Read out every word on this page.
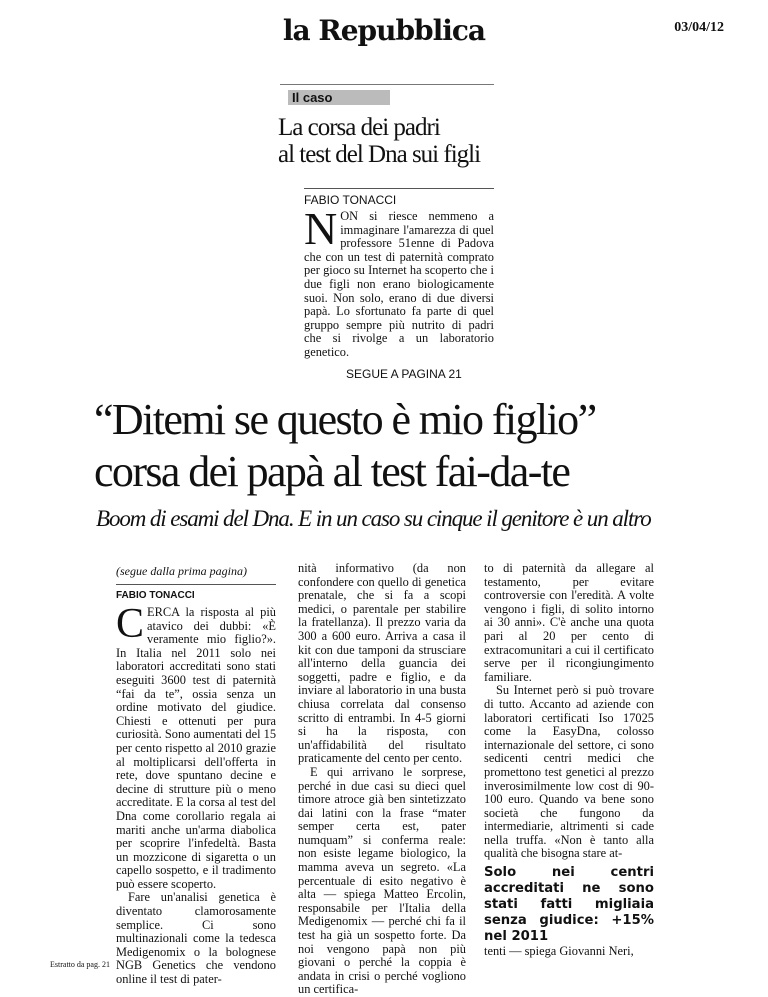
la Repubblica	03/04/12
Il caso
La corsa dei padri
al test del Dna sui figli
FABIO TONACCI
NON si riesce nemmeno a immaginare l'amarezza di quel professore 51enne di Padova che con un test di paternità comprato per gioco su Internet ha scoperto che i due figli non erano biologicamente suoi. Non solo, erano di due diversi papà. Lo sfortunato fa parte di quel gruppo sempre più nutrito di padri che si rivolge a un laboratorio genetico.
SEGUE A PAGINA 21
“Ditemi se questo è mio figlio”
corsa dei papà al test fai-da-te
Boom di esami del Dna. E in un caso su cinque il genitore è un altro
(segue dalla prima pagina)
FABIO TONACCI

CERCA la risposta al più atavico dei dubbi: «È veramente mio figlio?». In Italia nel 2011 solo nei laboratori accreditati sono stati eseguiti 3600 test di paternità “fai da te”, ossia senza un ordine motivato del giudice. Chiesti e ottenuti per pura curiosità. Sono aumentati del 15 per cento rispetto al 2010 grazie al moltiplicarsi dell'offerta in rete, dove spuntano decine e decine di strutture più o meno accreditate. E la corsa al test del Dna come corollario regala ai mariti anche un'arma diabolica per scoprire l'infedeltà. Basta un mozzicone di sigaretta o un capello sospetto, e il tradimento può essere scoperto.

Fare un'analisi genetica è diventato clamorosamente semplice. Ci sono multinazionali come la tedesca Medigenomix o la bolognese NGB Genetics che vendono online il test di pater-

nità informativo (da non confondere con quello di genetica prenatale, che si fa a scopi medici, o parentale per stabilire la fratellanza). Il prezzo varia da 300 a 600 euro. Arriva a casa il kit con due tamponi da strusciare all'interno della guancia dei soggetti, padre e figlio, e da inviare al laboratorio in una busta chiusa correlata dal consenso scritto di entrambi. In 4-5 giorni si ha la risposta, con un'affidabilità del risultato praticamente del cento per cento.

E qui arrivano le sorprese, perché in due casi su dieci quel timore atroce già ben sintetizzato dai latini con la frase “mater semper certa est, pater numquam” si conferma reale: non esiste legame biologico, la mamma aveva un segreto. «La percentuale di esito negativo è alta — spiega Matteo Ercolin, responsabile per l'Italia della Medigenomix — perché chi fa il test ha già un sospetto forte. Da noi vengono papà non più giovani o perché la coppia è andata in crisi o perché vogliono un certifica-

to di paternità da allegare al testamento, per evitare controversie con l'eredità. A volte vengono i figli, di solito intorno ai 30 anni». C'è anche una quota pari al 20 per cento di extracomunitari a cui il certificato serve per il ricongiungimento familiare.

Su Internet però si può trovare di tutto. Accanto ad aziende con laboratori certificati Iso 17025 come la EasyDna, colosso internazionale del settore, ci sono sedicenti centri medici che promettono test genetici al prezzo inverosimilmente low cost di 90-100 euro. Quando va bene sono società che fungono da intermediarie, altrimenti si cade nella truffa. «Non è tanto alla qualità che bisogna stare at-

Solo nei centri accreditati ne sono stati fatti migliaia senza giudice: +15% nel 2011

tenti — spiega Giovanni Neri,

Estratto da pag. 21
